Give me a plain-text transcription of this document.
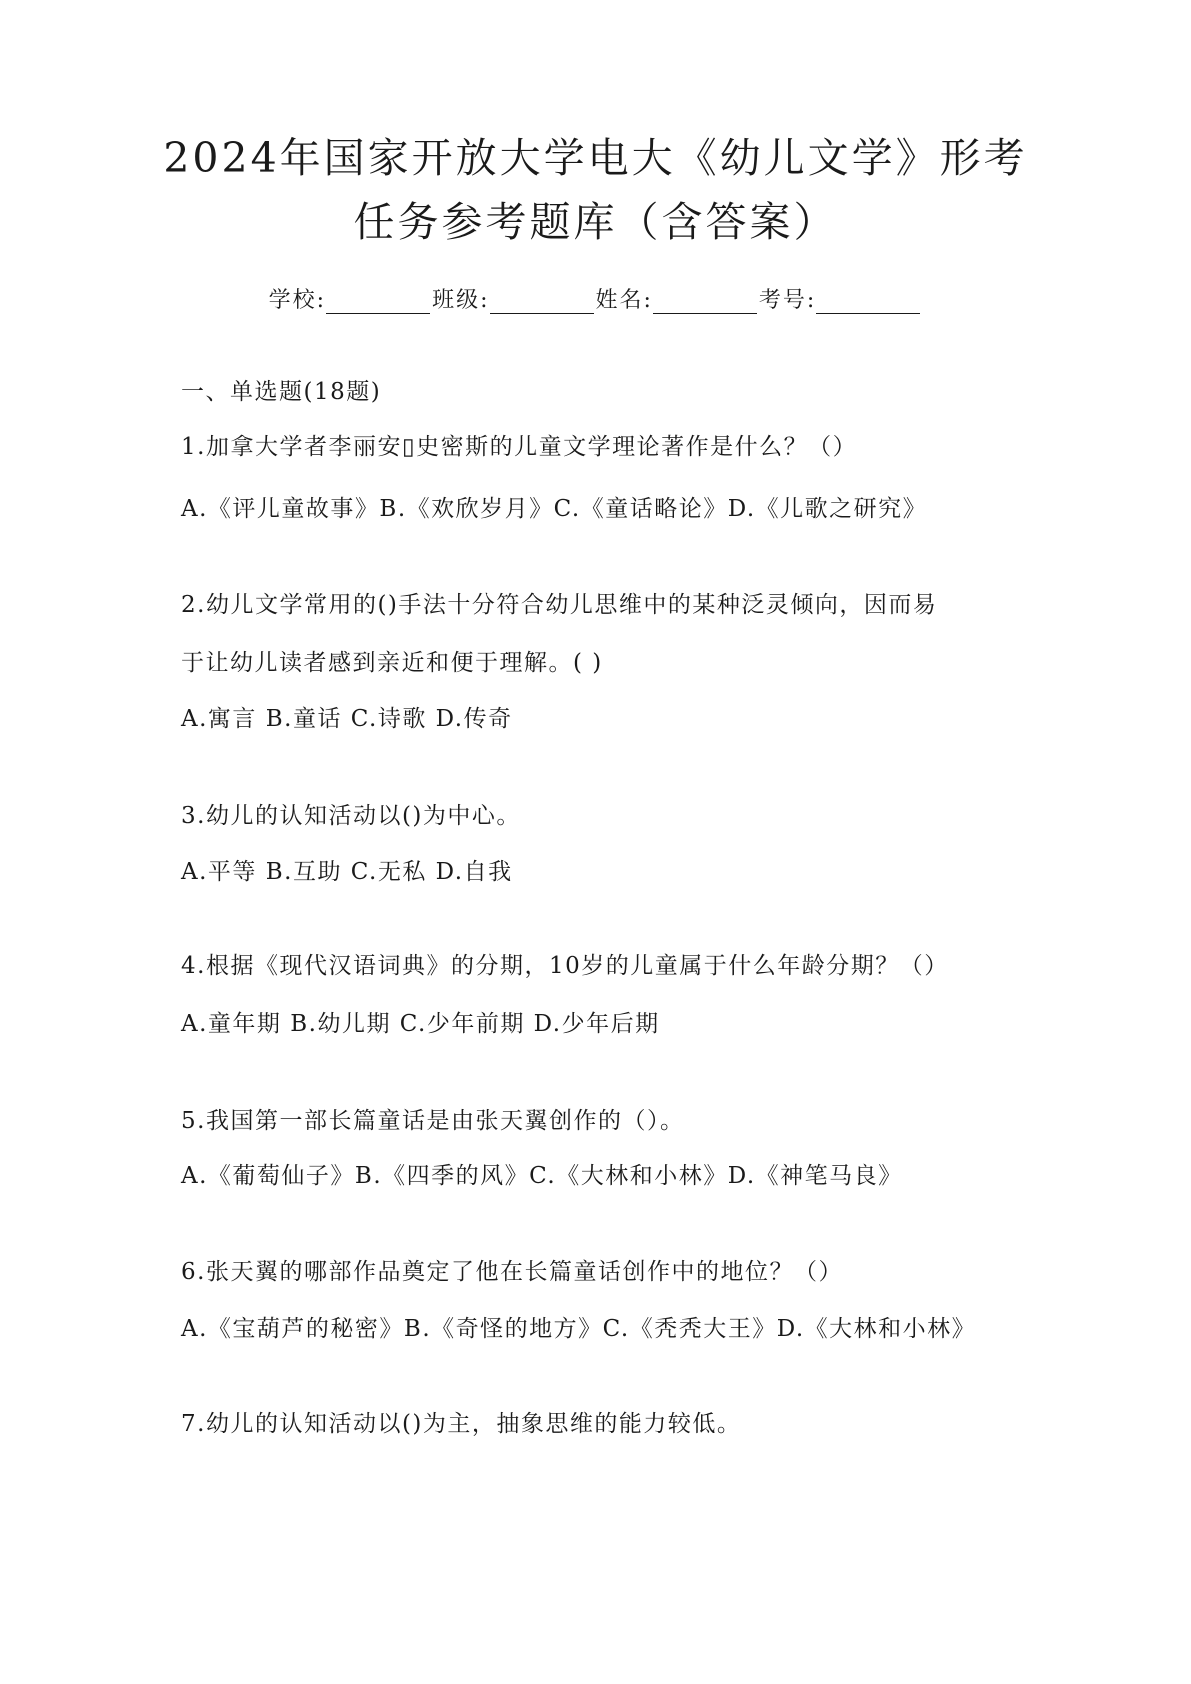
2024年国家开放大学电大《幼儿文学》形考
任务参考题库（含答案）
学校:	班级:	姓名:	考号:
一、单选题(18题)
1.加拿大学者李丽安▯史密斯的儿童文学理论著作是什么？（）
A.《评儿童故事》B.《欢欣岁月》C.《童话略论》D.《儿歌之研究》
2.幼儿文学常用的()手法十分符合幼儿思维中的某种泛灵倾向，因而易
于让幼儿读者感到亲近和便于理解。( )
A.寓言 B.童话 C.诗歌 D.传奇
3.幼儿的认知活动以()为中心。
A.平等 B.互助 C.无私 D.自我
4.根据《现代汉语词典》的分期，10岁的儿童属于什么年龄分期？（）
A.童年期 B.幼儿期 C.少年前期 D.少年后期
5.我国第一部长篇童话是由张天翼创作的（）。
A.《葡萄仙子》B.《四季的风》C.《大林和小林》D.《神笔马良》
6.张天翼的哪部作品奠定了他在长篇童话创作中的地位？（）
A.《宝葫芦的秘密》B.《奇怪的地方》C.《秃秃大王》D.《大林和小林》
7.幼儿的认知活动以()为主，抽象思维的能力较低。
